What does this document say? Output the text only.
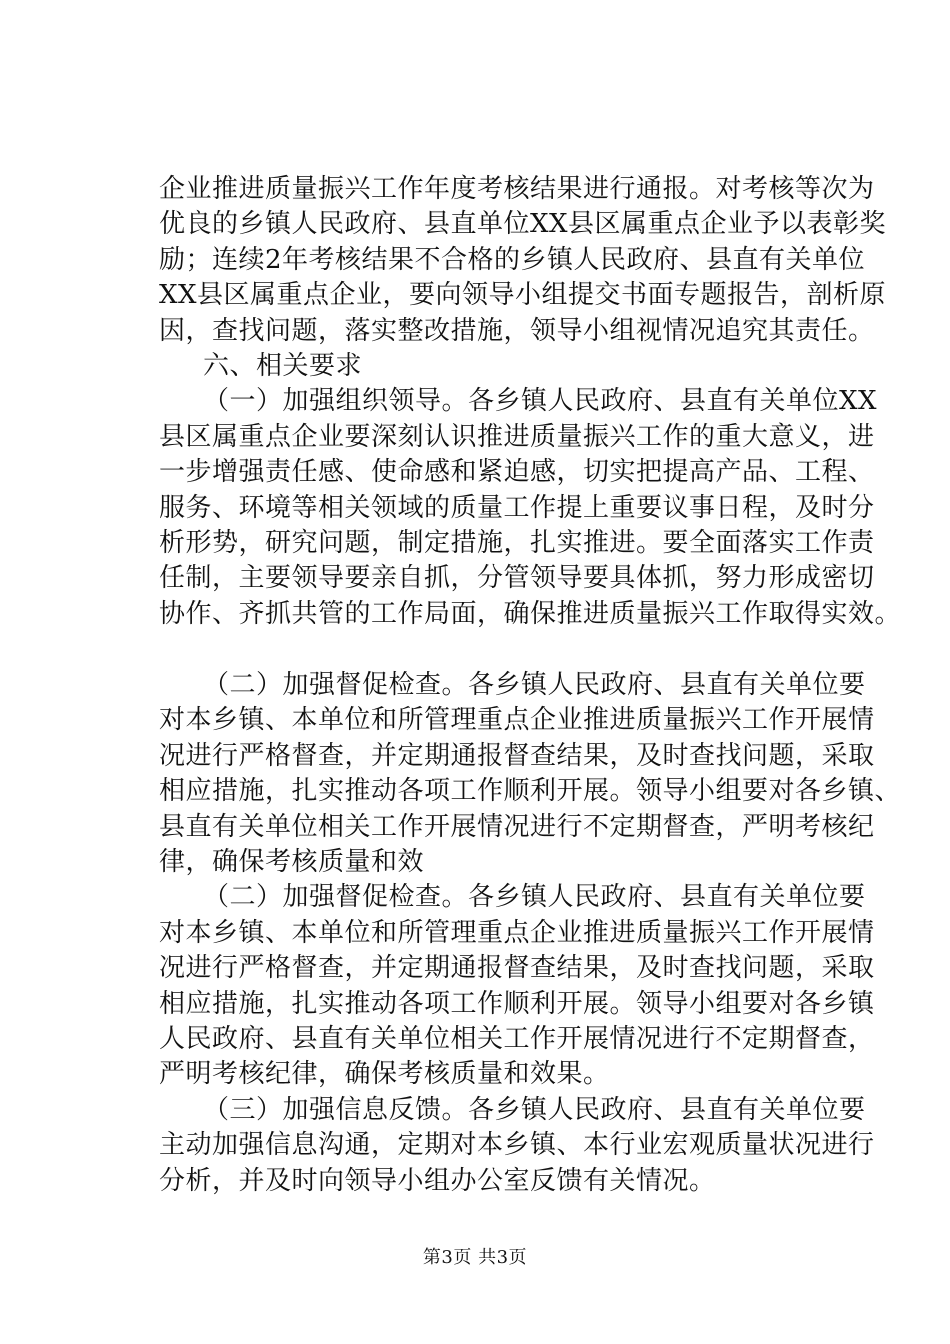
企业推进质量振兴工作年度考核结果进行通报。对考核等次为
优良的乡镇人民政府、县直单位XX县区属重点企业予以表彰奖
励；连续2年考核结果不合格的乡镇人民政府、县直有关单位
XX县区属重点企业，要向领导小组提交书面专题报告，剖析原
因，查找问题，落实整改措施，领导小组视情况追究其责任。
六、相关要求
（一）加强组织领导。各乡镇人民政府、县直有关单位XX
县区属重点企业要深刻认识推进质量振兴工作的重大意义，进
一步增强责任感、使命感和紧迫感，切实把提高产品、工程、
服务、环境等相关领域的质量工作提上重要议事日程，及时分
析形势，研究问题，制定措施，扎实推进。要全面落实工作责
任制，主要领导要亲自抓，分管领导要具体抓，努力形成密切
协作、齐抓共管的工作局面，确保推进质量振兴工作取得实效。
（二）加强督促检查。各乡镇人民政府、县直有关单位要
对本乡镇、本单位和所管理重点企业推进质量振兴工作开展情
况进行严格督查，并定期通报督查结果，及时查找问题，采取
相应措施，扎实推动各项工作顺利开展。领导小组要对各乡镇、
县直有关单位相关工作开展情况进行不定期督查，严明考核纪
律，确保考核质量和效
（二）加强督促检查。各乡镇人民政府、县直有关单位要
对本乡镇、本单位和所管理重点企业推进质量振兴工作开展情
况进行严格督查，并定期通报督查结果，及时查找问题，采取
相应措施，扎实推动各项工作顺利开展。领导小组要对各乡镇
人民政府、县直有关单位相关工作开展情况进行不定期督查，
严明考核纪律，确保考核质量和效果。
（三）加强信息反馈。各乡镇人民政府、县直有关单位要
主动加强信息沟通，定期对本乡镇、本行业宏观质量状况进行
分析，并及时向领导小组办公室反馈有关情况。
第3页 共3页
